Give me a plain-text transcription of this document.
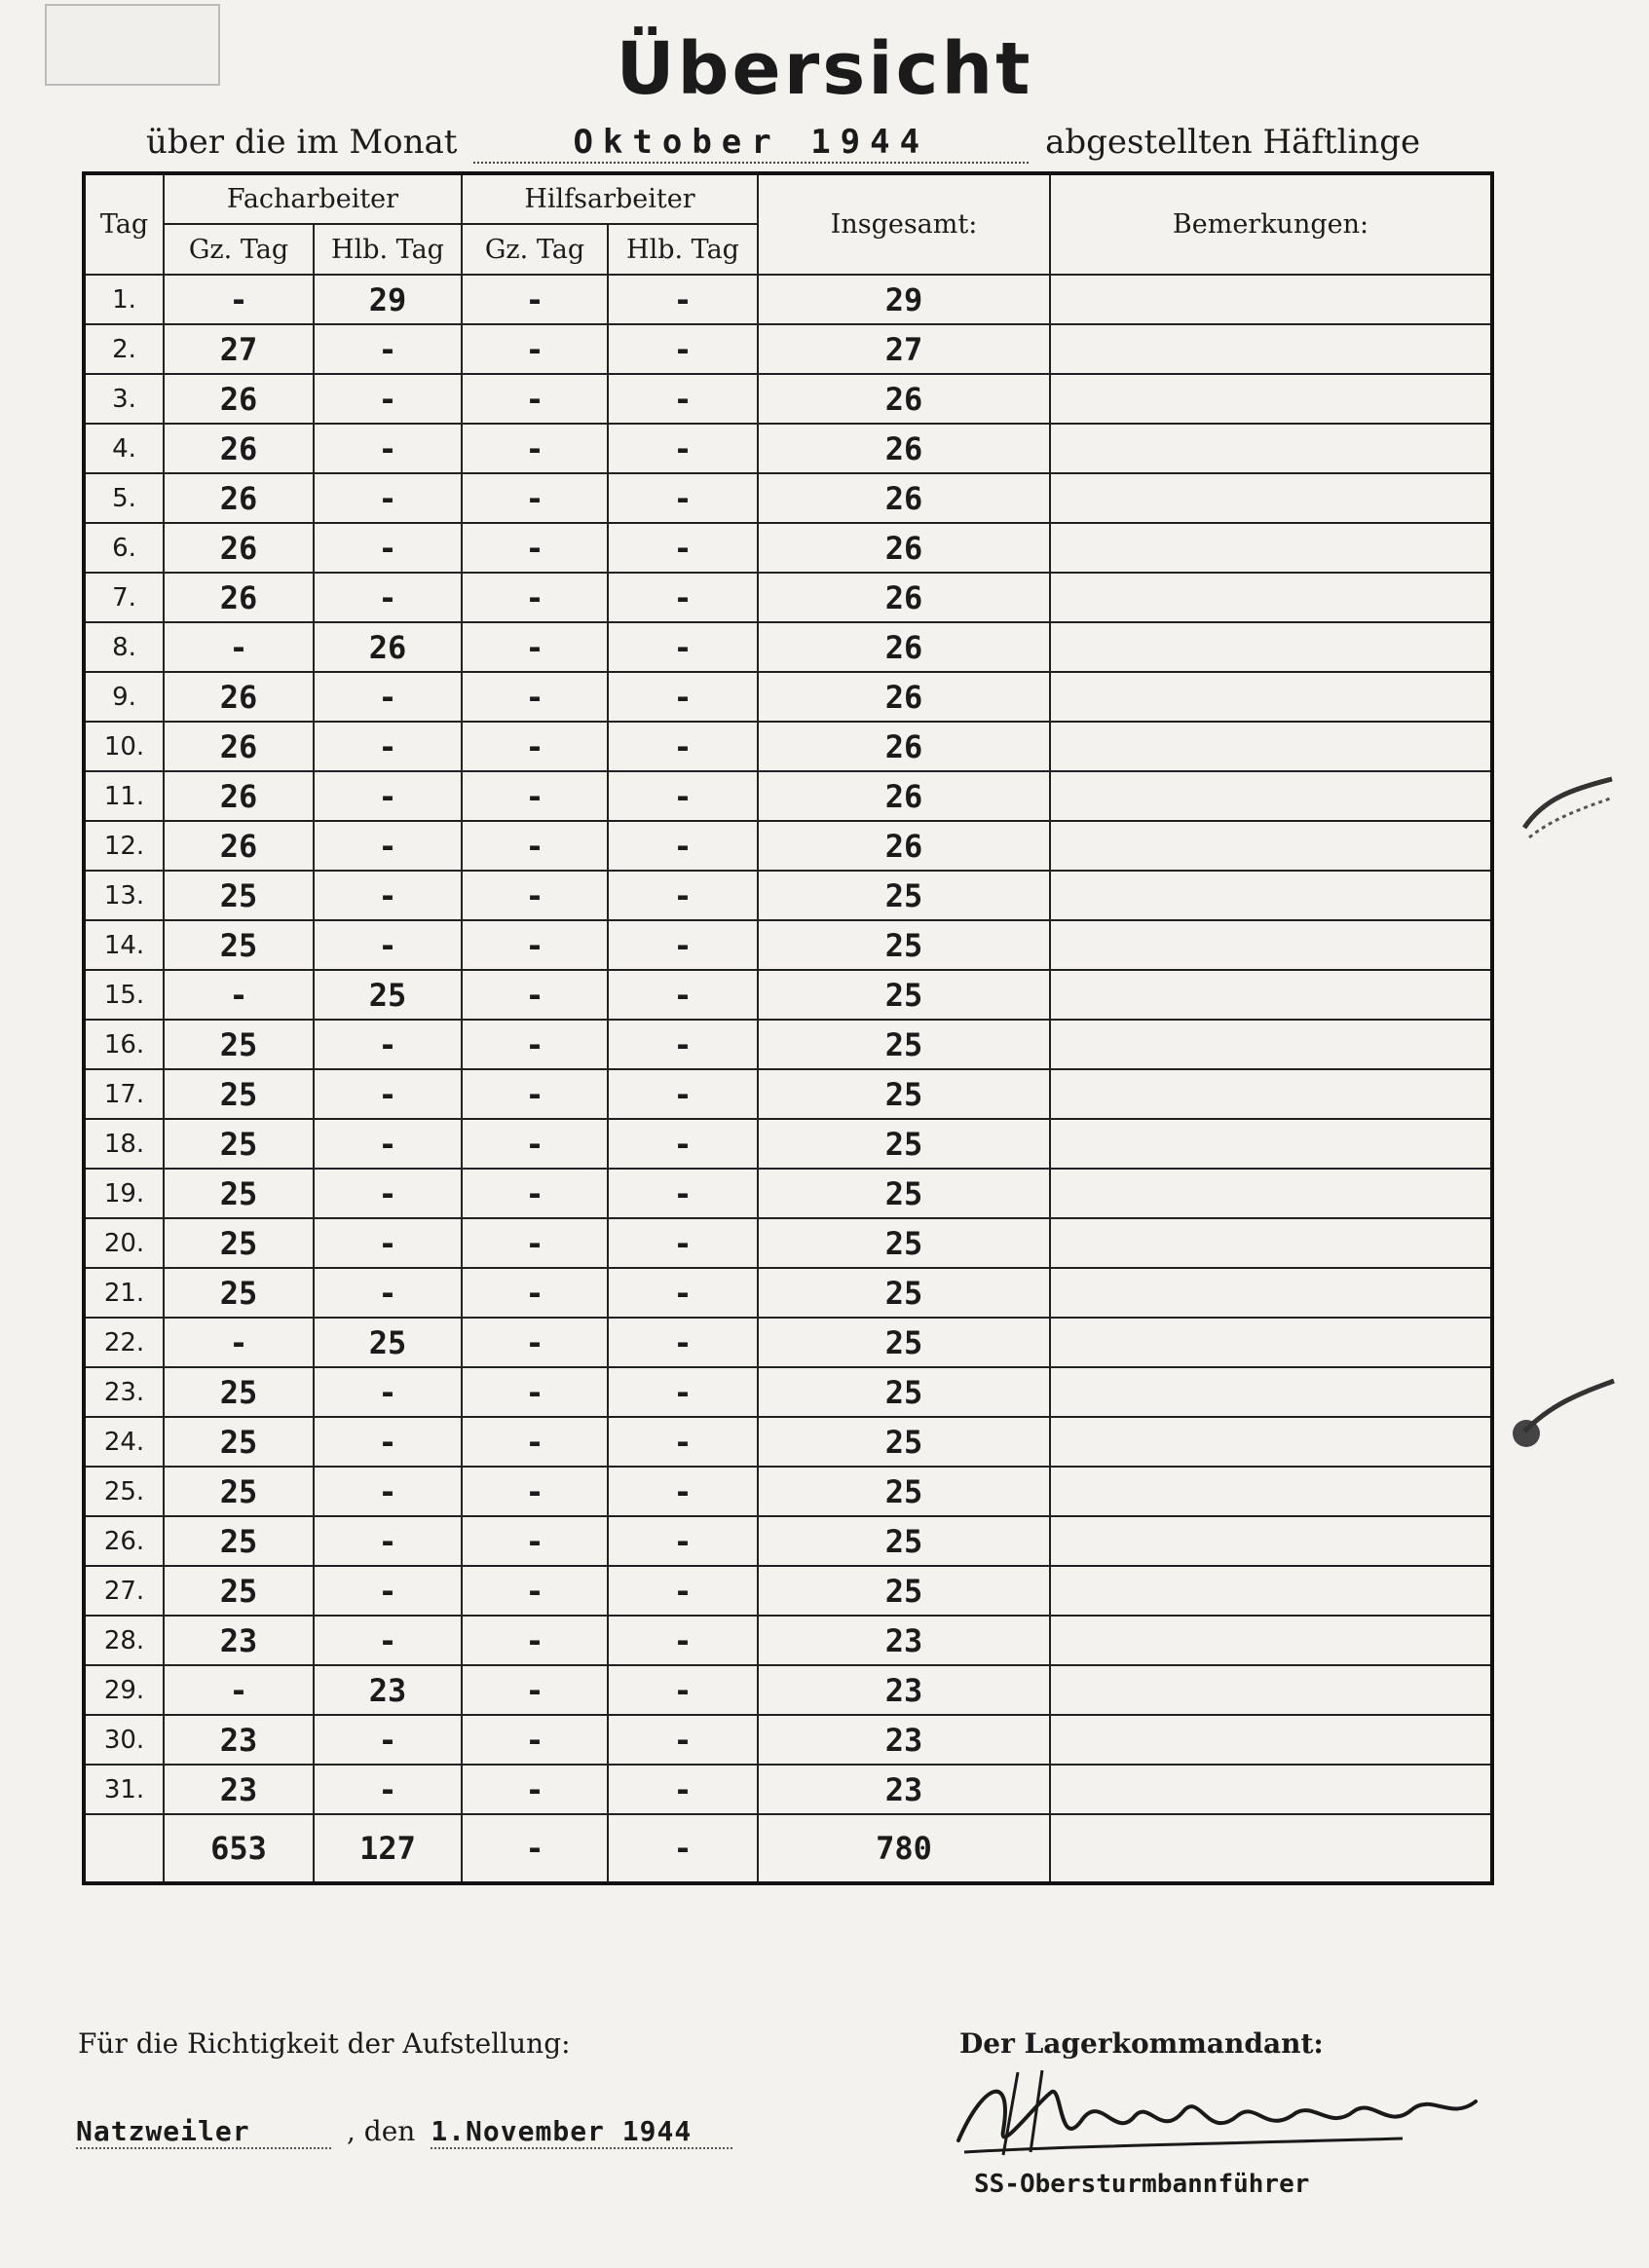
Übersicht
über die im Monat	Oktober 1944	abgestellten Häftlinge
Tag	Facharbeiter		Hilfsarbeiter		Insgesamt:	Bemerkungen:
	Gz. Tag	Hlb. Tag	Gz. Tag	Hlb. Tag		
1.	-	29	-	-	29	
2.	27	-	-	-	27	
3.	26	-	-	-	26	
4.	26	-	-	-	26	
5.	26	-	-	-	26	
6.	26	-	-	-	26	
7.	26	-	-	-	26	
8.	-	26	-	-	26	
9.	26	-	-	-	26	
10.	26	-	-	-	26	
11.	26	-	-	-	26	
12.	26	-	-	-	26	
13.	25	-	-	-	25	
14.	25	-	-	-	25	
15.	-	25	-	-	25	
16.	25	-	-	-	25	
17.	25	-	-	-	25	
18.	25	-	-	-	25	
19.	25	-	-	-	25	
20.	25	-	-	-	25	
21.	25	-	-	-	25	
22.	-	25	-	-	25	
23.	25	-	-	-	25	
24.	25	-	-	-	25	
25.	25	-	-	-	25	
26.	25	-	-	-	25	
27.	25	-	-	-	25	
28.	23	-	-	-	23	
29.	-	23	-	-	23	
30.	23	-	-	-	23	
31.	23	-	-	-	23	
	653	127	-	-	780	
Für die Richtigkeit der Aufstellung:	Der Lagerkommandant:
Natzweiler	, den 1.November 1944
SS-Obersturmbannführer
